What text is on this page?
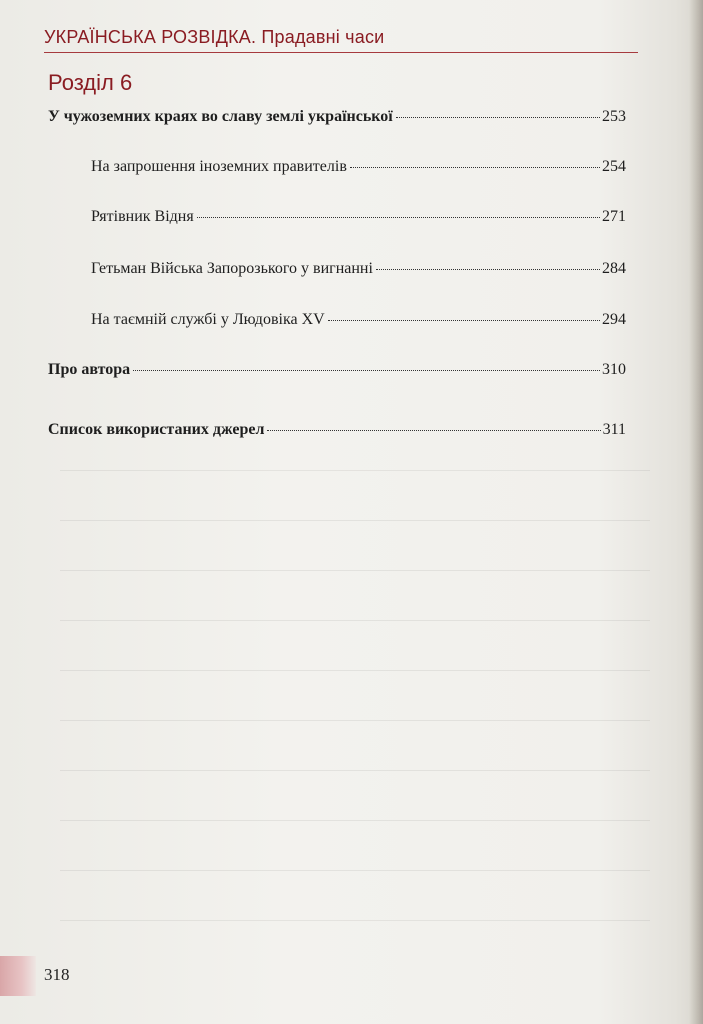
УКРАЇНСЬКА РОЗВІДКА. Прадавні часи
Розділ 6
У чужоземних краях во славу землі української	253
На запрошення іноземних правителів	254
Рятівник Відня	271
Гетьман Війська Запорозького у вигнанні	284
На таємній службі у Людовіка XV	294
Про автора	310
Список використаних джерел	311
318
